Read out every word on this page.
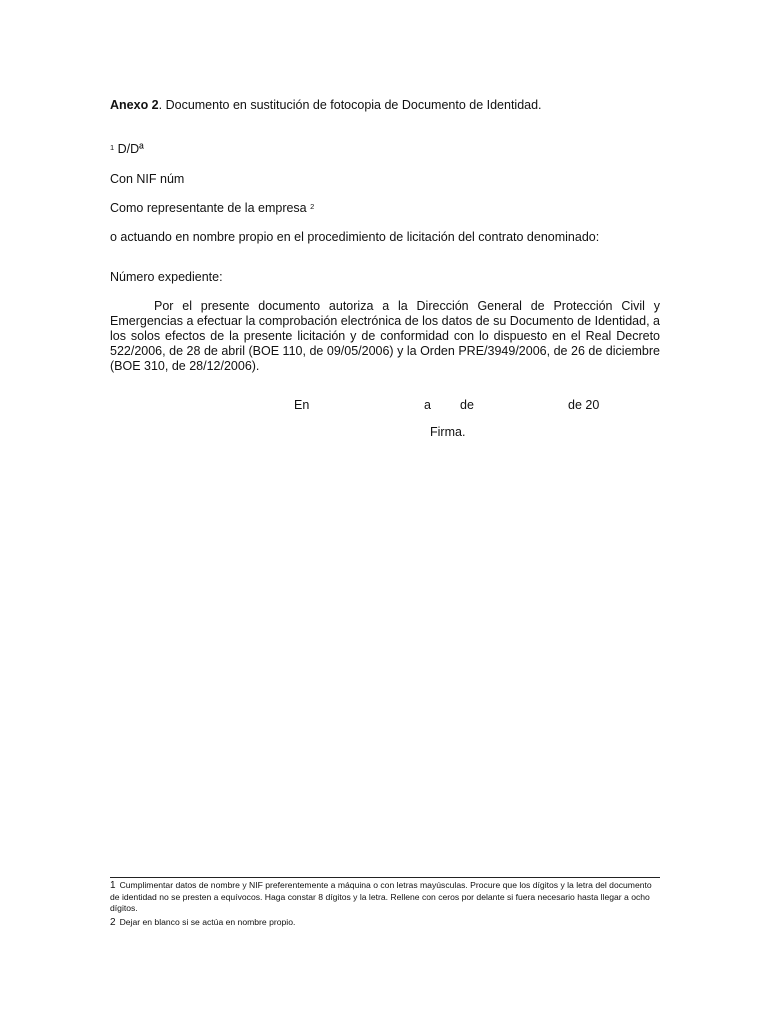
Anexo 2. Documento en sustitución de fotocopia de Documento de Identidad.
$^1$ D/Dª
Con NIF núm
Como representante de la empresa $^2$
o actuando en nombre propio en el procedimiento de licitación del contrato denominado:
Número expediente:
Por el presente documento autoriza a la Dirección General de Protección Civil y Emergencias a efectuar la comprobación electrónica de los datos de su Documento de Identidad, a los solos efectos de la presente licitación y de conformidad con lo dispuesto en el Real Decreto 522/2006, de 28 de abril (BOE 110, de 09/05/2006) y la Orden PRE/3949/2006, de 26 de diciembre (BOE 310, de 28/12/2006).
En	a de	de 20
Firma.

1 Cumplimentar datos de nombre y NIF preferentemente a máquina o con letras mayúsculas. Procure que los dígitos y la letra del documento de identidad no se presten a equívocos. Haga constar 8 dígitos y la letra. Rellene con ceros por delante si fuera necesario hasta llegar a ocho dígitos.

2 Dejar en blanco si se actúa en nombre propio.
